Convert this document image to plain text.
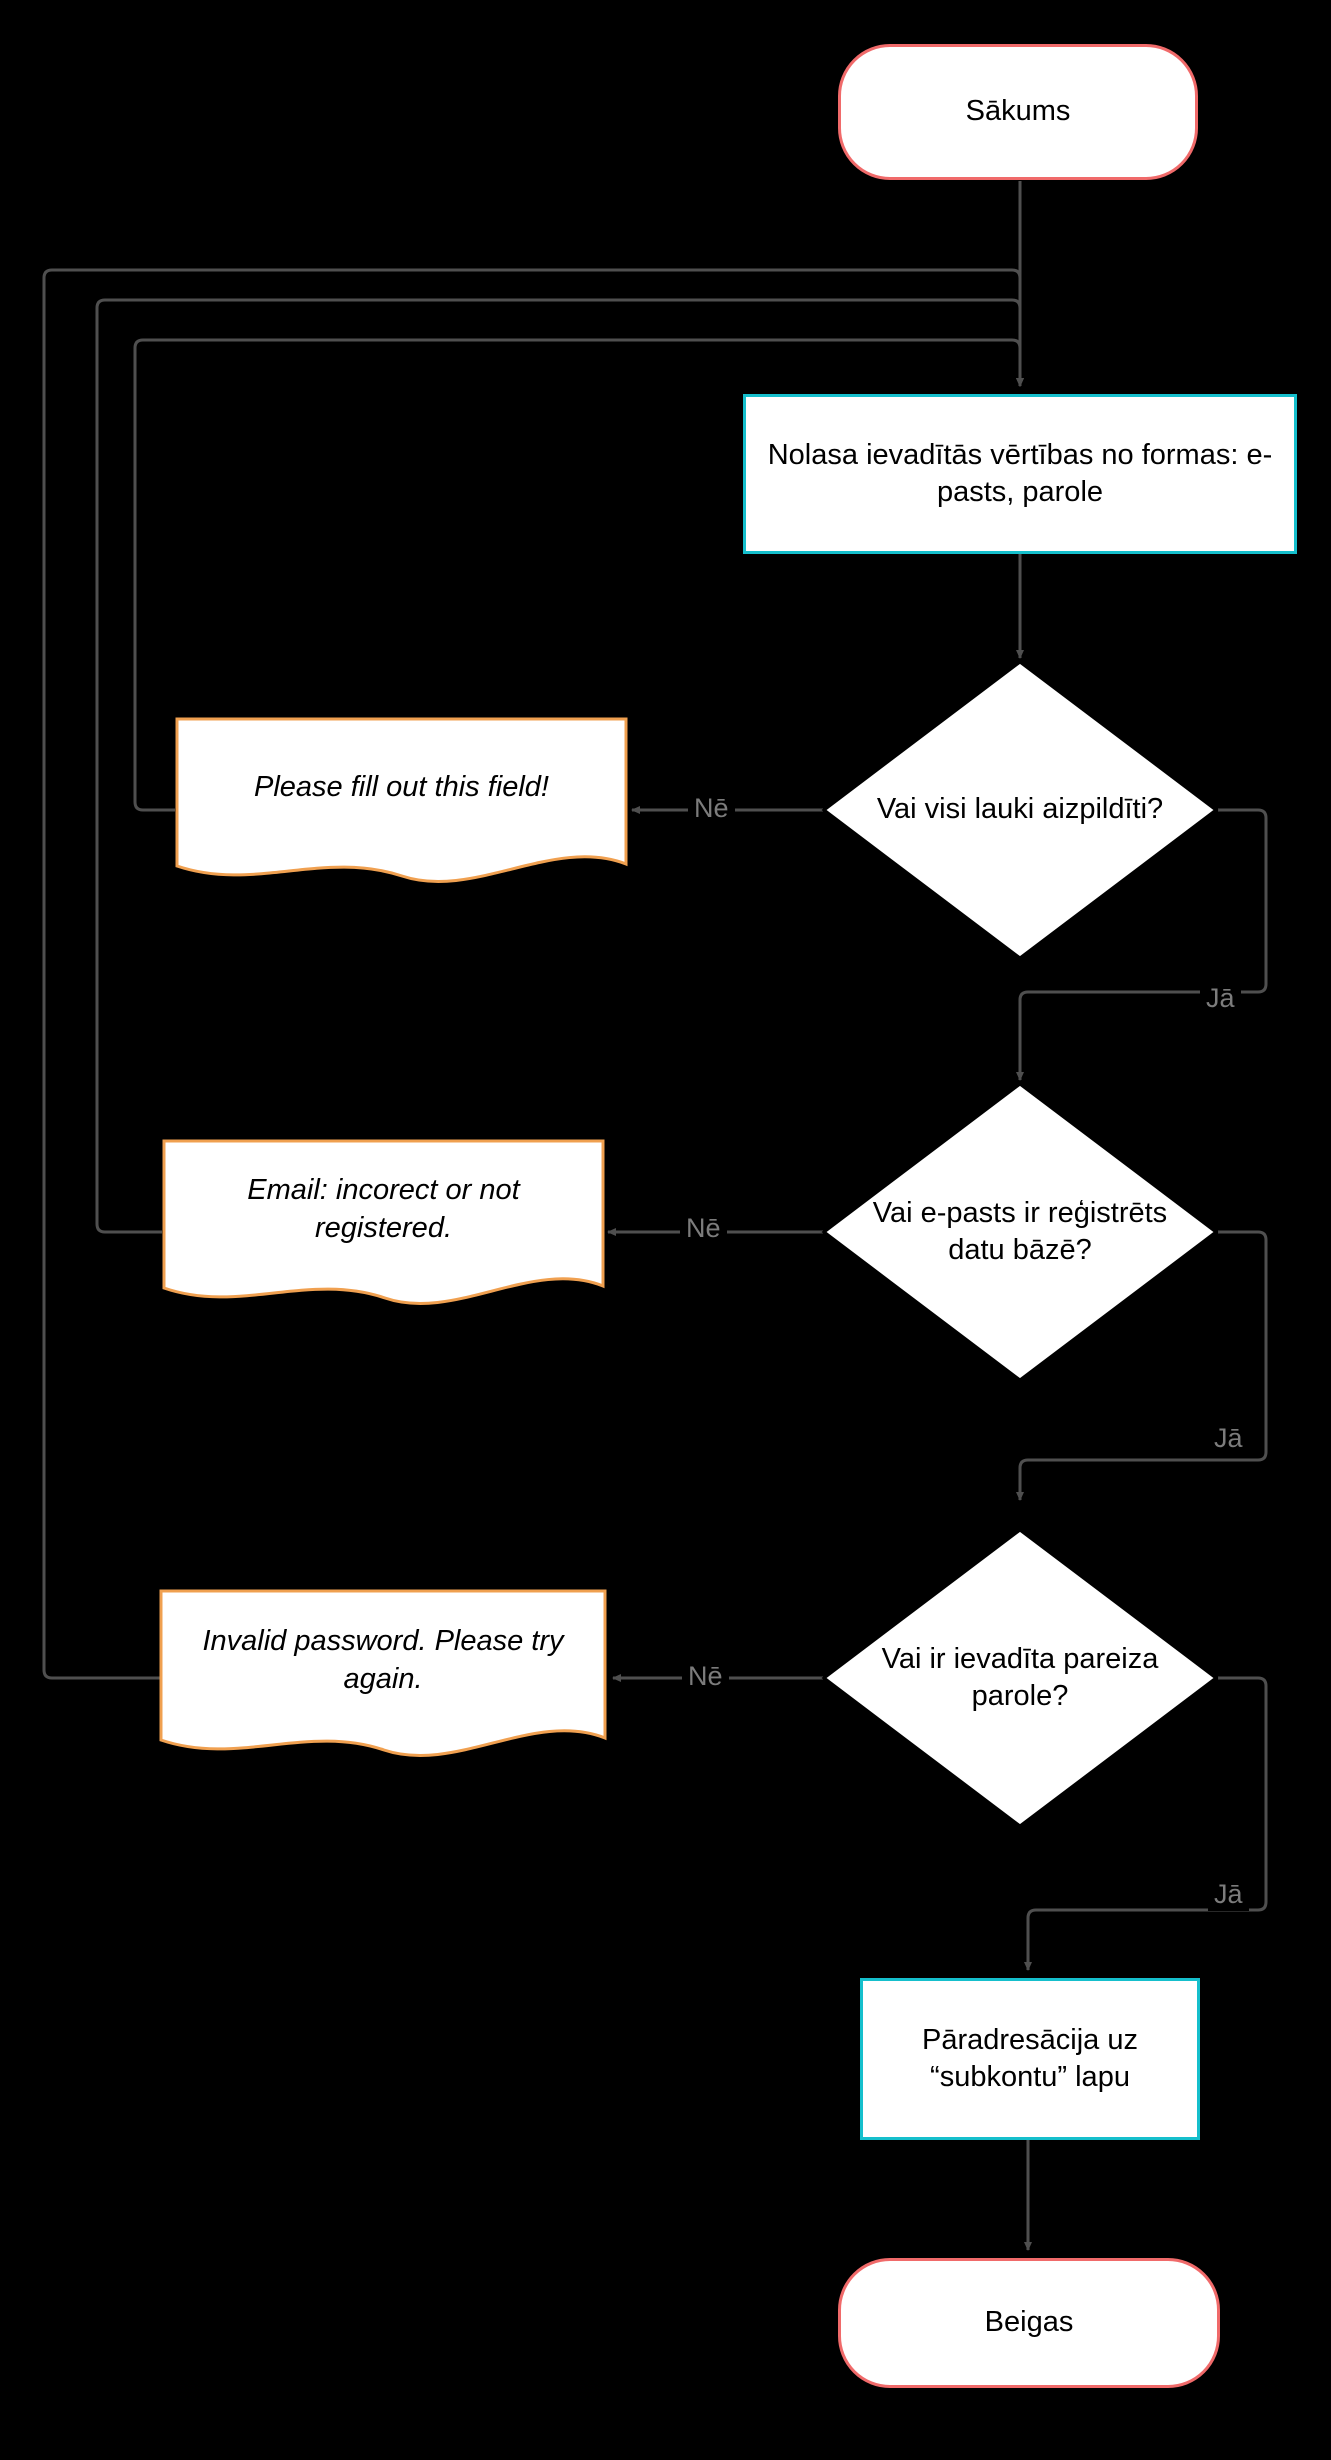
Sākums
Nolasa ievadītās vērtības no formas: e-pasts, parole
Vai visi lauki aizpildīti?
Please fill out this field!
Vai e-pasts ir reģistrēts datu bāzē?
Email: incorect or not registered.
Vai ir ievadīta pareiza parole?
Invalid password. Please try again.
Pāradresācija uz “subkontu” lapu
Beigas
Nē
Jā
Nē
Jā
Nē
Jā
